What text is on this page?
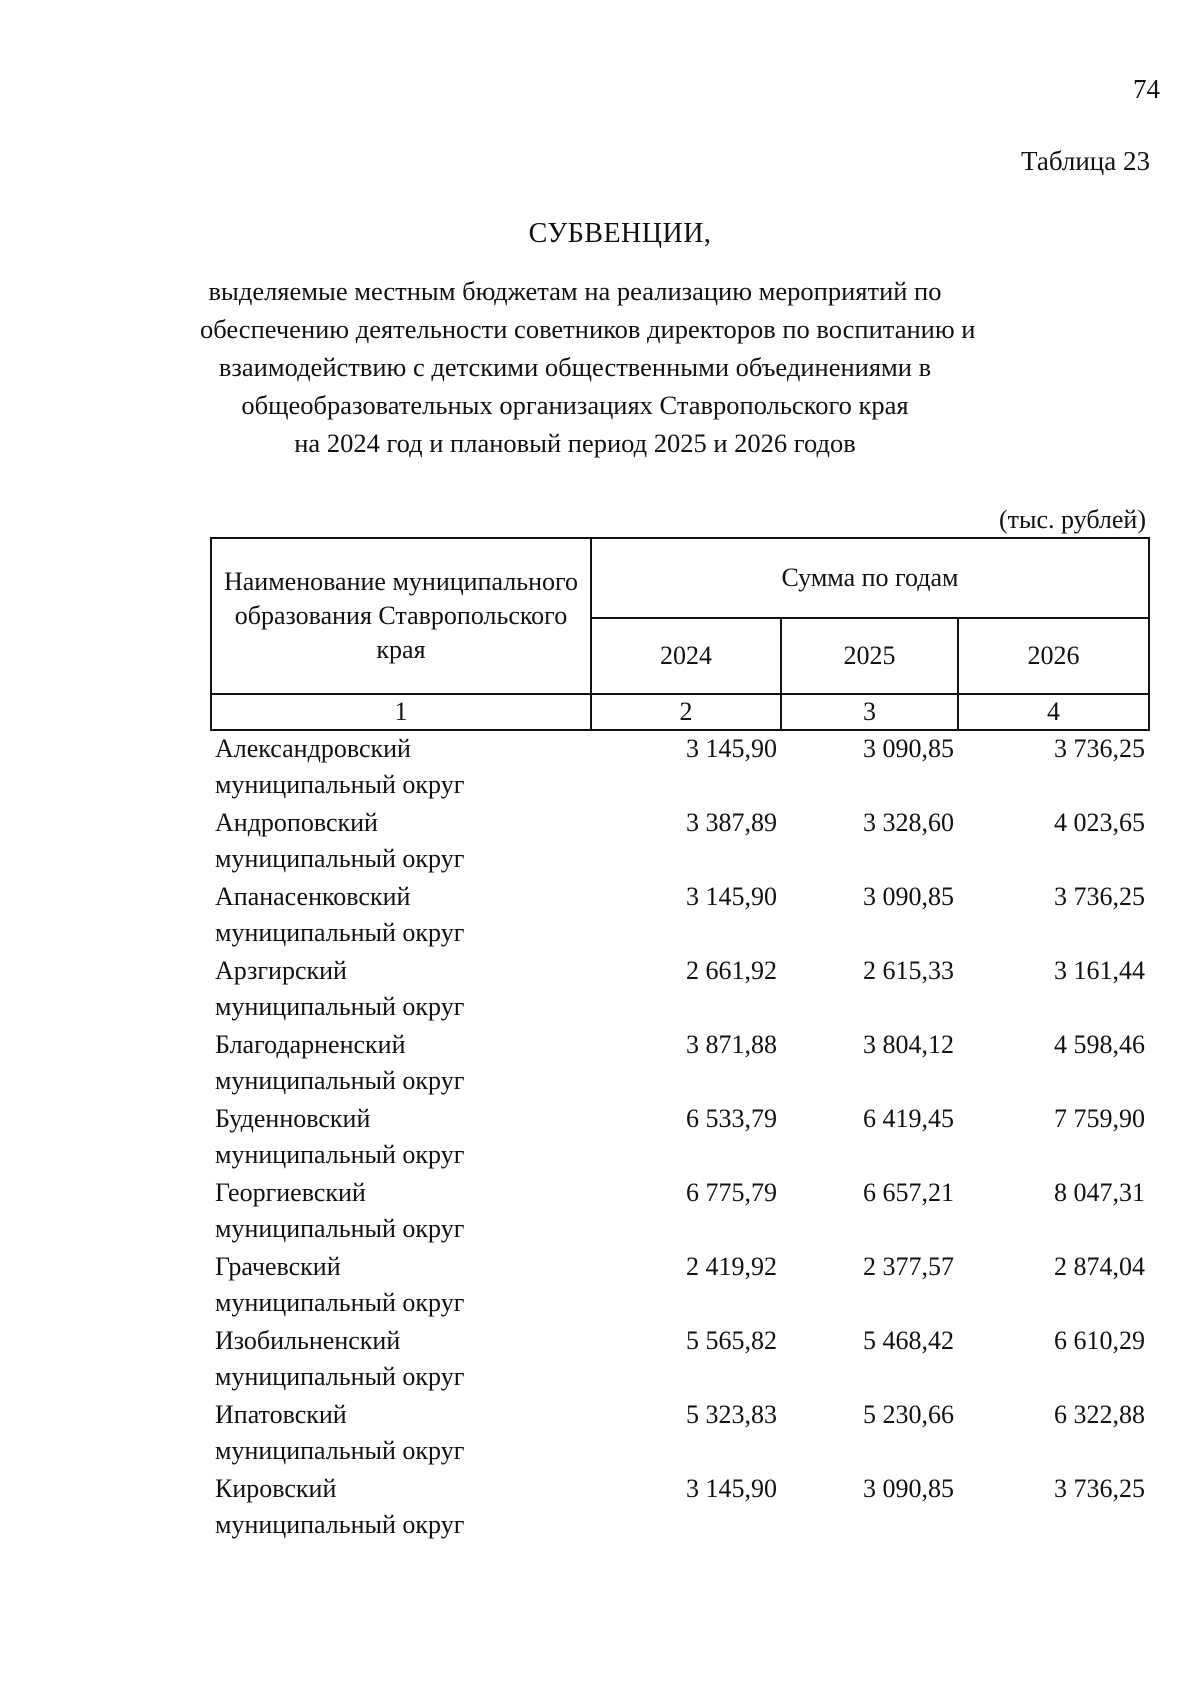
74
Таблица 23
СУБВЕНЦИИ,
выделяемые местным бюджетам на реализацию мероприятий по
обеспечению деятельности советников директоров по воспитанию и
взаимодействию с детскими общественными объединениями в
общеобразовательных организациях Ставропольского края
на 2024 год и плановый период 2025 и 2026 годов
(тыс. рублей)
Наименование муниципального образования Ставропольского края	Сумма по годам		
	2024	2025	2026
1	2	3	4

Александровский
муниципальный округ	3 145,90	3 090,85	3 736,25

Андроповский
муниципальный округ	3 387,89	3 328,60	4 023,65

Апанасенковский
муниципальный округ	3 145,90	3 090,85	3 736,25

Арзгирский
муниципальный округ	2 661,92	2 615,33	3 161,44

Благодарненский
муниципальный округ	3 871,88	3 804,12	4 598,46

Буденновский
муниципальный округ	6 533,79	6 419,45	7 759,90

Георгиевский
муниципальный округ	6 775,79	6 657,21	8 047,31

Грачевский
муниципальный округ	2 419,92	2 377,57	2 874,04

Изобильненский
муниципальный округ	5 565,82	5 468,42	6 610,29

Ипатовский
муниципальный округ	5 323,83	5 230,66	6 322,88

Кировский
муниципальный округ	3 145,90	3 090,85	3 736,25
